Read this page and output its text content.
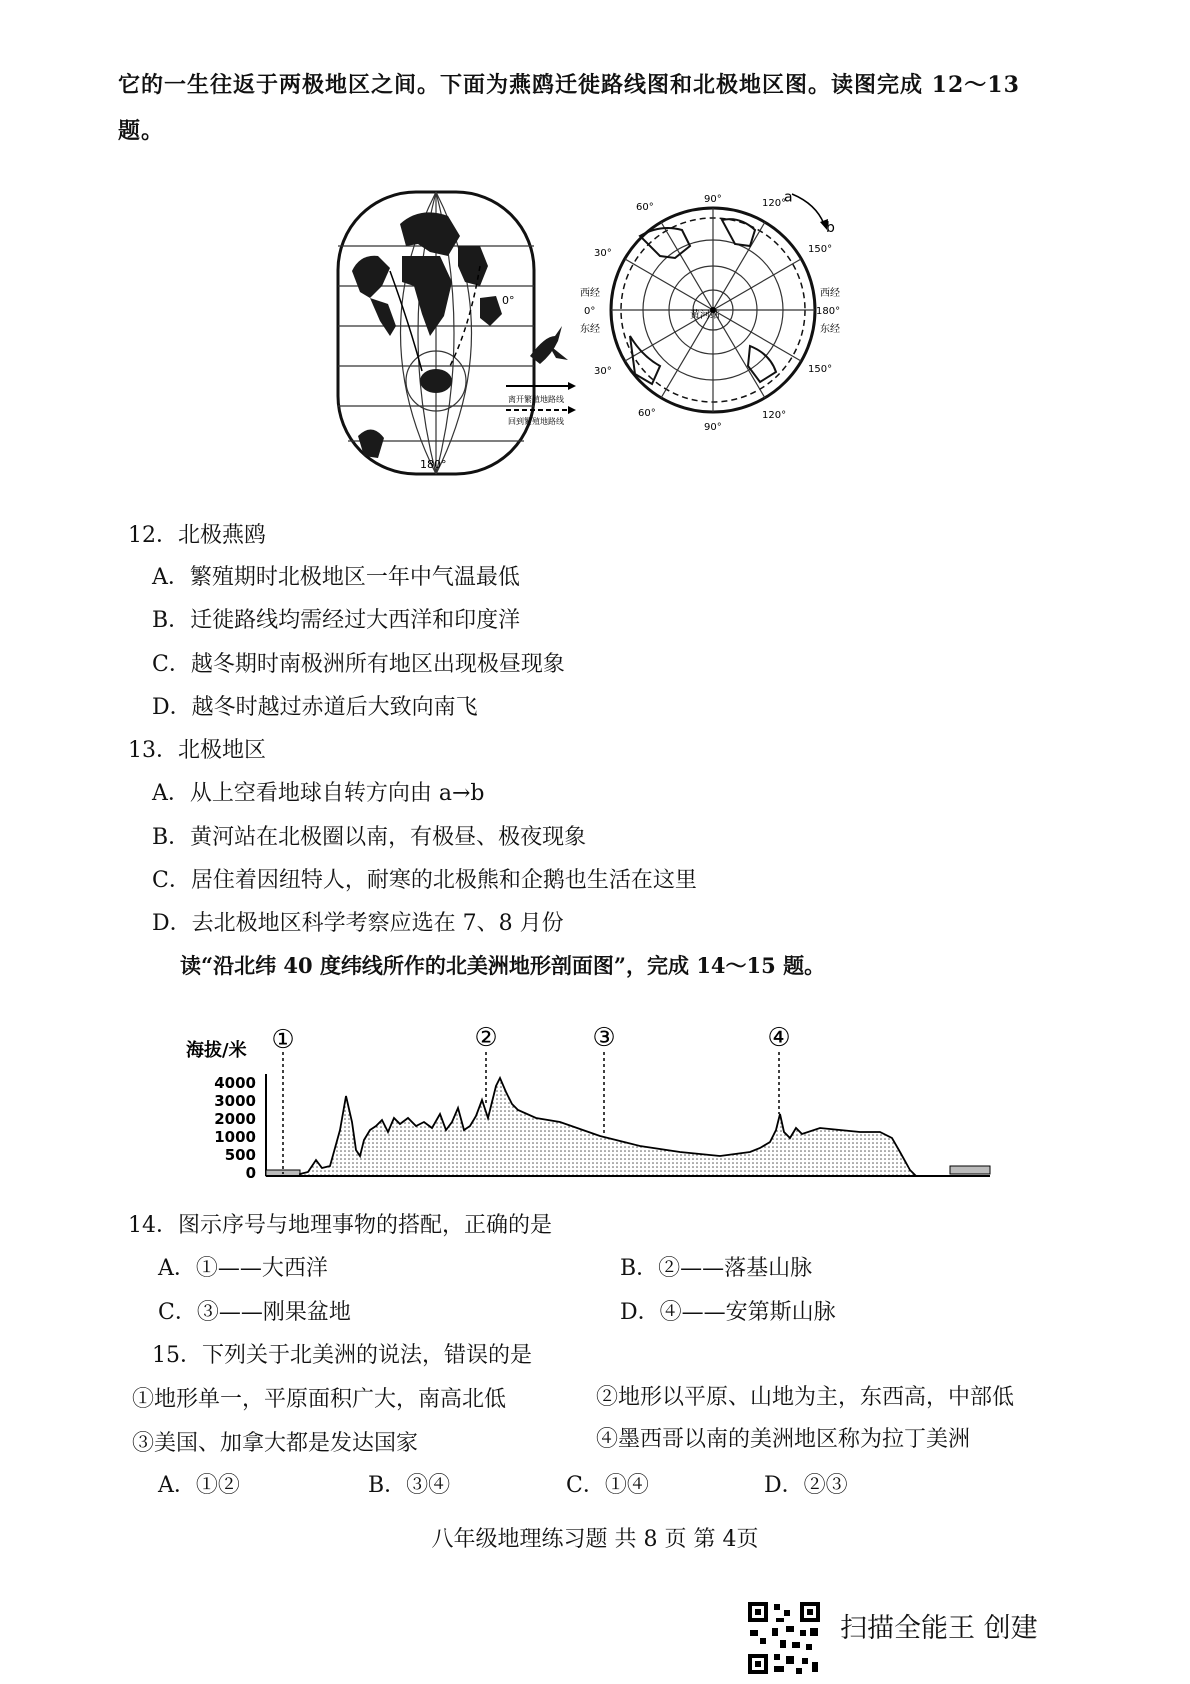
它的一生往返于两极地区之间。下面为燕鸥迁徙路线图和北极地区图。读图完成 12～13
题。
0°
180°
离开繁殖地路线
回到繁殖地路线
黄河站
90°	120°
150°
180°
150°
120°
90°
60°
30°
30°
60°
西经
0°
东经
西经
东经
a
b
12．北极燕鸥
A．繁殖期时北极地区一年中气温最低
B．迁徙路线均需经过大西洋和印度洋
C．越冬期时南极洲所有地区出现极昼现象
D．越冬时越过赤道后大致向南飞
13．北极地区
A．从上空看地球自转方向由 a→b
B．黄河站在北极圈以南，有极昼、极夜现象
C．居住着因纽特人，耐寒的北极熊和企鹅也生活在这里
D．去北极地区科学考察应选在 7、8 月份
读“沿北纬 40 度纬线所作的北美洲地形剖面图”，完成 14～15 题。
海拔/米
4000
3000
2000
1000
500
0
①	②	③	④
14．图示序号与地理事物的搭配，正确的是
A．①——大西洋	B．②——落基山脉
C．③——刚果盆地	D．④——安第斯山脉
15．下列关于北美洲的说法，错误的是
①地形单一，平原面积广大，南高北低	②地形以平原、山地为主，东西高，中部低
③美国、加拿大都是发达国家	④墨西哥以南的美洲地区称为拉丁美洲
A．①②	B．③④	C．①④	D．②③
八年级地理练习题 共 8 页 第 4页
扫描全能王 创建
